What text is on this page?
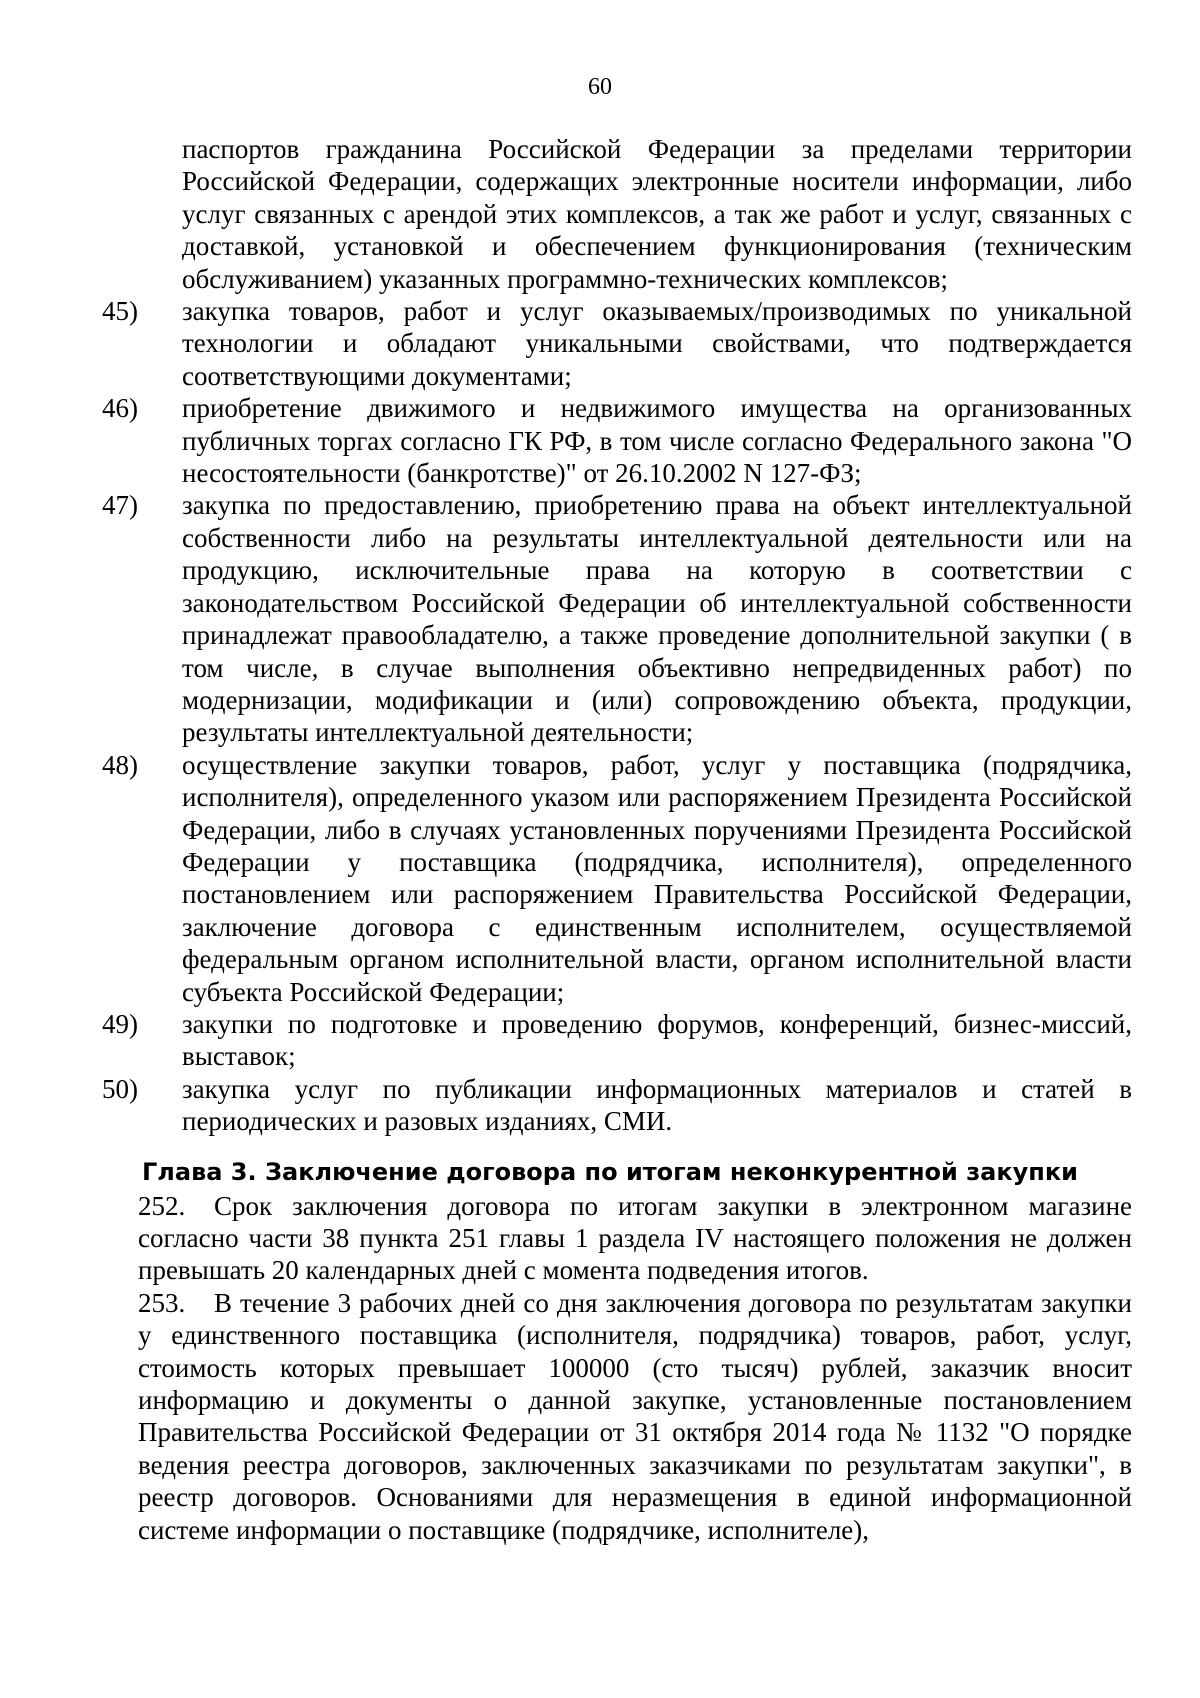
60

паспортов гражданина Российской Федерации за пределами территории Российской Федерации, содержащих электронные носители информации, либо услуг связанных с арендой этих комплексов, а так же работ и услуг, связанных с доставкой, установкой и обеспечением функционирования (техническим обслуживанием) указанных программно-технических комплексов;

45) закупка товаров, работ и услуг оказываемых/производимых по уникальной технологии и обладают уникальными свойствами, что подтверждается соответствующими документами;

46) приобретение движимого и недвижимого имущества на организованных публичных торгах согласно ГК РФ, в том числе согласно Федерального закона "О несостоятельности (банкротстве)" от 26.10.2002 N 127-ФЗ;

47) закупка по предоставлению, приобретению права на объект интеллектуальной собственности либо на результаты интеллектуальной деятельности или на продукцию, исключительные права на которую в соответствии с законодательством Российской Федерации об интеллектуальной собственности принадлежат правообладателю, а также проведение дополнительной закупки ( в том числе, в случае выполнения объективно непредвиденных работ) по модернизации, модификации и (или) сопровождению объекта, продукции, результаты интеллектуальной деятельности;

48) осуществление закупки товаров, работ, услуг у поставщика (подрядчика, исполнителя), определенного указом или распоряжением Президента Российской Федерации, либо в случаях установленных поручениями Президента Российской Федерации у поставщика (подрядчика, исполнителя), определенного постановлением или распоряжением Правительства Российской Федерации, заключение договора с единственным исполнителем, осуществляемой федеральным органом исполнительной власти, органом исполнительной власти субъекта Российской Федерации;

49) закупки по подготовке и проведению форумов, конференций, бизнес-миссий, выставок;

50) закупка услуг по публикации информационных материалов и статей в периодических и разовых изданиях, СМИ.

Глава 3. Заключение договора по итогам неконкурентной закупки

252. Срок заключения договора по итогам закупки в электронном магазине согласно части 38 пункта 251 главы 1 раздела IV настоящего положения не должен превышать 20 календарных дней с момента подведения итогов.

253. В течение 3 рабочих дней со дня заключения договора по результатам закупки у единственного поставщика (исполнителя, подрядчика) товаров, работ, услуг, стоимость которых превышает 100000 (сто тысяч) рублей, заказчик вносит информацию и документы о данной закупке, установленные постановлением Правительства Российской Федерации от 31 октября 2014 года № 1132 "О порядке ведения реестра договоров, заключенных заказчиками по результатам закупки", в реестр договоров. Основаниями для неразмещения в единой информационной системе информации о поставщике (подрядчике, исполнителе),
